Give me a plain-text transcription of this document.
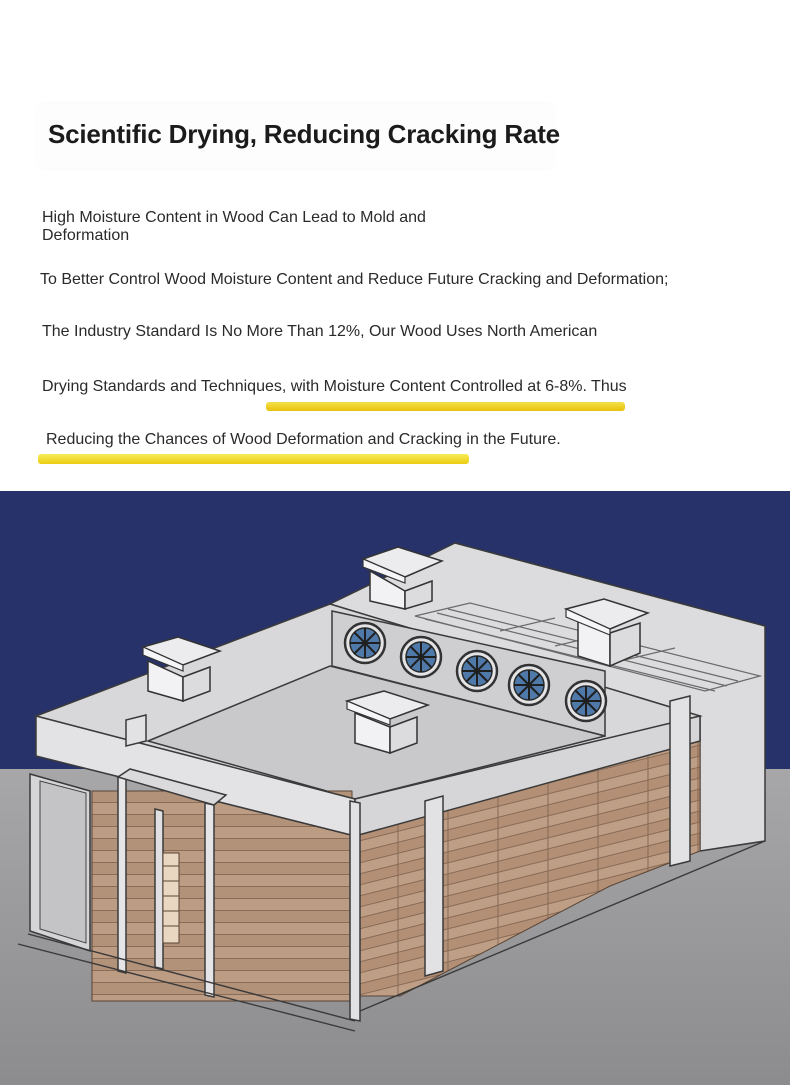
Scientific Drying, Reducing Cracking Rate
High Moisture Content in Wood Can Lead to Mold and Deformation
To Better Control Wood Moisture Content and Reduce Future Cracking and Deformation;
The Industry Standard Is No More Than 12%, Our Wood Uses North American
Drying Standards and Techniques, with Moisture Content Controlled at 6-8%. Thus
Reducing the Chances of Wood Deformation and Cracking in the Future.
